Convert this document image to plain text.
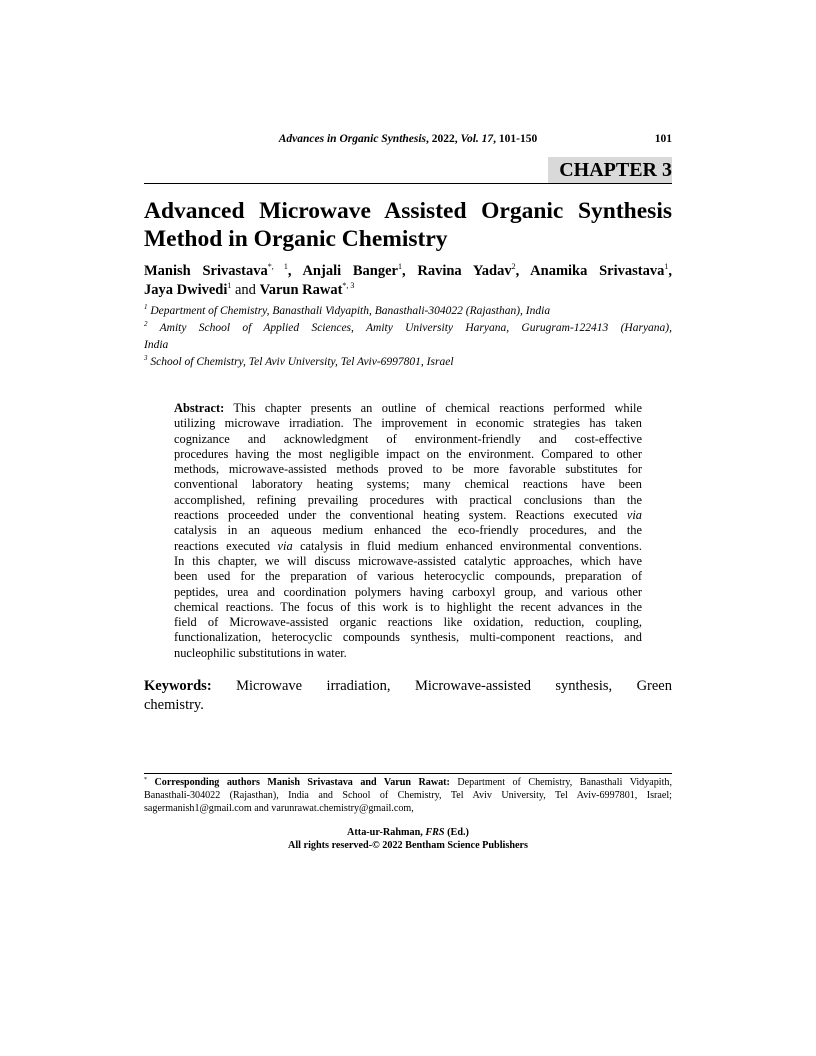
Advances in Organic Synthesis, 2022, Vol. 17, 101-150	101
CHAPTER 3
Advanced Microwave Assisted Organic Synthesis
Method in Organic Chemistry
Manish Srivastava$^{*, 1}$, Anjali Banger$^1$, Ravina Yadav$^2$, Anamika Srivastava$^1$,
Jaya Dwivedi$^1$ and Varun Rawat$^{*, 3}$
$^1$ Department of Chemistry, Banasthali Vidyapith, Banasthali-304022 (Rajasthan), India
$^2$ Amity School of Applied Sciences, Amity University Haryana, Gurugram-122413 (Haryana),
India
$^3$ School of Chemistry, Tel Aviv University, Tel Aviv-6997801, Israel
Abstract: This chapter presents an outline of chemical reactions performed while
utilizing microwave irradiation. The improvement in economic strategies has taken
cognizance and acknowledgment of environment-friendly and cost-effective
procedures having the most negligible impact on the environment. Compared to other
methods, microwave-assisted methods proved to be more favorable substitutes for
conventional laboratory heating systems; many chemical reactions have been
accomplished, refining prevailing procedures with practical conclusions than the
reactions proceeded under the conventional heating system. Reactions executed via
catalysis in an aqueous medium enhanced the eco-friendly procedures, and the
reactions executed via catalysis in fluid medium enhanced environmental conventions.
In this chapter, we will discuss microwave-assisted catalytic approaches, which have
been used for the preparation of various heterocyclic compounds, preparation of
peptides, urea and coordination polymers having carboxyl group, and various other
chemical reactions. The focus of this work is to highlight the recent advances in the
field of Microwave-assisted organic reactions like oxidation, reduction, coupling,
functionalization, heterocyclic compounds synthesis, multi-component reactions, and
nucleophilic substitutions in water.
Keywords: Microwave irradiation, Microwave-assisted synthesis, Green
chemistry.
* Corresponding authors Manish Srivastava and Varun Rawat: Department of Chemistry, Banasthali Vidyapith,
Banasthali-304022 (Rajasthan), India and School of Chemistry, Tel Aviv University, Tel Aviv-6997801, Israel;
sagermanish1@gmail.com and varunrawat.chemistry@gmail.com,
Atta-ur-Rahman, FRS (Ed.)
All rights reserved-© 2022 Bentham Science Publishers
